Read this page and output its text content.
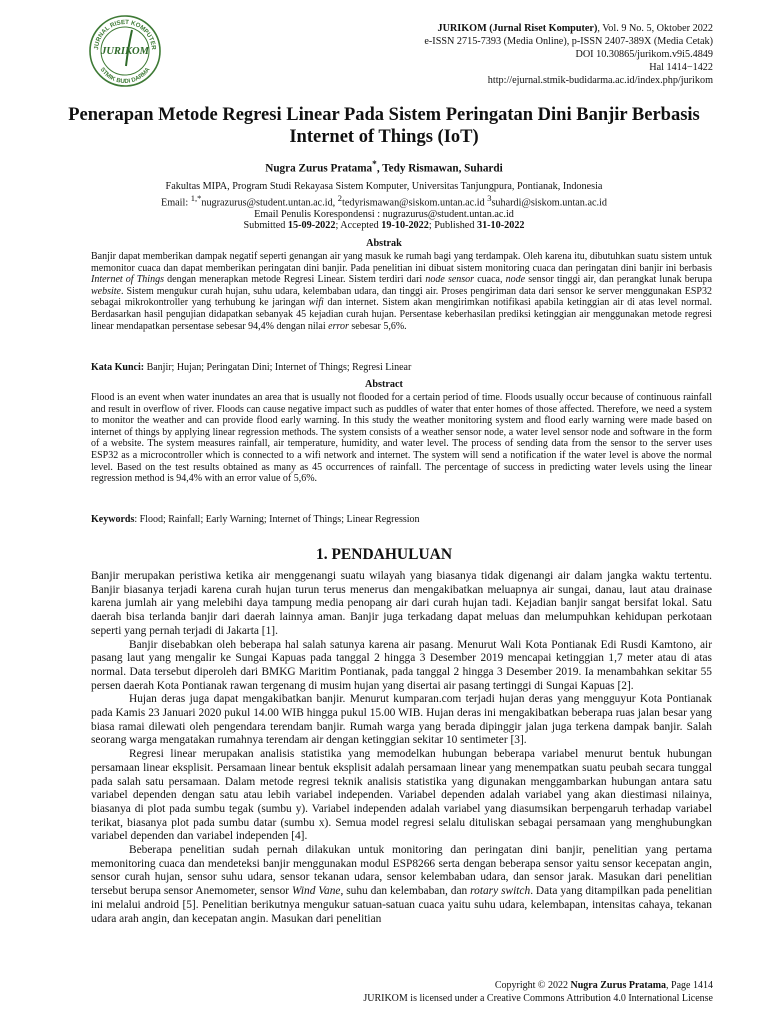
JURNAL RISET KOMPUTER
STMIK BUDI DARMA
JURIKOM
JURIKOM (Jurnal Riset Komputer), Vol. 9 No. 5, Oktober 2022
e-ISSN 2715-7393 (Media Online), p-ISSN 2407-389X (Media Cetak)
DOI 10.30865/jurikom.v9i5.4849
Hal 1414−1422
http://ejurnal.stmik-budidarma.ac.id/index.php/jurikom
Penerapan Metode Regresi Linear Pada Sistem Peringatan Dini Banjir Berbasis Internet of Things (IoT)
Nugra Zurus Pratama*, Tedy Rismawan, Suhardi
Fakultas MIPA, Program Studi Rekayasa Sistem Komputer, Universitas Tanjungpura, Pontianak, Indonesia
Email: $^{1,*}$nugrazurus@student.untan.ac.id, $^2$tedyrismawan@siskom.untan.ac.id $^3$suhardi@siskom.untan.ac.id
Email Penulis Korespondensi : nugrazurus@student.untan.ac.id
Submitted 15-09-2022; Accepted 19-10-2022; Published 31-10-2022
Abstrak
Banjir dapat memberikan dampak negatif seperti genangan air yang masuk ke rumah bagi yang terdampak. Oleh karena itu, dibutuhkan suatu sistem untuk memonitor cuaca dan dapat memberikan peringatan dini banjir. Pada penelitian ini dibuat sistem monitoring cuaca dan peringatan dini banjir ini berbasis Internet of Things dengan menerapkan metode Regresi Linear. Sistem terdiri dari node sensor cuaca, node sensor tinggi air, dan perangkat lunak berupa website. Sistem mengukur curah hujan, suhu udara, kelembaban udara, dan tinggi air. Proses pengiriman data dari sensor ke server menggunakan ESP32 sebagai mikrokontroller yang terhubung ke jaringan wifi dan internet. Sistem akan mengirimkan notifikasi apabila ketinggian air di atas level normal. Berdasarkan hasil pengujian didapatkan sebanyak 45 kejadian curah hujan. Persentase keberhasilan prediksi ketinggian air menggunakan metode regresi linear mendapatkan persentase sebesar 94,4% dengan nilai error sebesar 5,6%.
Kata Kunci: Banjir; Hujan; Peringatan Dini; Internet of Things; Regresi Linear
Abstract
Flood is an event when water inundates an area that is usually not flooded for a certain period of time. Floods usually occur because of continuous rainfall and result in overflow of river. Floods can cause negative impact such as puddles of water that enter homes of those affected. Therefore, we need a system to monitor the weather and can provide flood early warning. In this study the weather monitoring system and flood early warning were made based on internet of things by applying linear regression methods. The system consists of a weather sensor node, a water level sensor node and software in the form of a website. The system measures rainfall, air temperature, humidity, and water level. The process of sending data from the sensor to the server uses ESP32 as a microcontroller which is connected to a wifi network and internet. The system will send a notification if the water level is above the normal level. Based on the test results obtained as many as 45 occurrences of rainfall. The percentage of success in predicting water levels using the linear regression method is 94,4% with an error value of 5,6%.
Keywords: Flood; Rainfall; Early Warning; Internet of Things; Linear Regression
1. PENDAHULUAN

Banjir merupakan peristiwa ketika air menggenangi suatu wilayah yang biasanya tidak digenangi air dalam jangka waktu tertentu. Banjir biasanya terjadi karena curah hujan turun terus menerus dan mengakibatkan meluapnya air sungai, danau, laut atau drainase karena jumlah air yang melebihi daya tampung media penopang air dari curah hujan tadi. Kejadian banjir sangat bersifat lokal. Satu daerah bisa terlanda banjir dari daerah lainnya aman. Banjir juga terkadang dapat meluas dan melumpuhkan kehidupan perkotaan seperti yang pernah terjadi di Jakarta [1].

Banjir disebabkan oleh beberapa hal salah satunya karena air pasang. Menurut Wali Kota Pontianak Edi Rusdi Kamtono, air pasang laut yang mengalir ke Sungai Kapuas pada tanggal 2 hingga 3 Desember 2019 mencapai ketinggian 1,7 meter atau di atas normal. Data tersebut diperoleh dari BMKG Maritim Pontianak, pada tanggal 2 hingga 3 Desember 2019. Ia menambahkan sekitar 55 persen daerah Kota Pontianak rawan tergenang di musim hujan yang disertai air pasang tertinggi di Sungai Kapuas [2].

Hujan deras juga dapat mengakibatkan banjir. Menurut kumparan.com terjadi hujan deras yang mengguyur Kota Pontianak pada Kamis 23 Januari 2020 pukul 14.00 WIB hingga pukul 15.00 WIB. Hujan deras ini mengakibatkan beberapa ruas jalan besar yang biasa ramai dilewati oleh pengendara terendam banjir. Rumah warga yang berada dipinggir jalan juga terkena dampak banjir. Salah seorang warga mengatakan rumahnya terendam air dengan ketinggian sekitar 10 sentimeter [3].

Regresi linear merupakan analisis statistika yang memodelkan hubungan beberapa variabel menurut bentuk hubungan persamaan linear eksplisit. Persamaan linear bentuk eksplisit adalah persamaan linear yang menempatkan suatu peubah secara tunggal pada salah satu persamaan. Dalam metode regresi teknik analisis statistika yang digunakan menggambarkan hubungan antara satu variabel dependen dengan satu atau lebih variabel independen. Variabel dependen adalah variabel yang akan diestimasi nilainya, biasanya di plot pada sumbu tegak (sumbu y). Variabel independen adalah variabel yang diasumsikan berpengaruh terhadap variabel terikat, biasanya plot pada sumbu datar (sumbu x). Semua model regresi selalu dituliskan sebagai persamaan yang menghubungkan variabel dependen dan variabel independen [4].

Beberapa penelitian sudah pernah dilakukan untuk monitoring dan peringatan dini banjir, penelitian yang pertama memonitoring cuaca dan mendeteksi banjir menggunakan modul ESP8266 serta dengan beberapa sensor yaitu sensor kecepatan angin, sensor curah hujan, sensor suhu udara, sensor tekanan udara, sensor kelembaban udara, dan sensor jarak. Masukan dari penelitian tersebut berupa sensor Anemometer, sensor Wind Vane, suhu dan kelembaban, dan rotary switch. Data yang ditampilkan pada penelitian ini melalui android [5]. Penelitian berikutnya mengukur satuan-satuan cuaca yaitu suhu udara, kelembapan, intensitas cahaya, tekanan udara arah angin, dan kecepatan angin. Masukan dari penelitian

Copyright © 2022 Nugra Zurus Pratama, Page 1414
JURIKOM is licensed under a Creative Commons Attribution 4.0 International License
